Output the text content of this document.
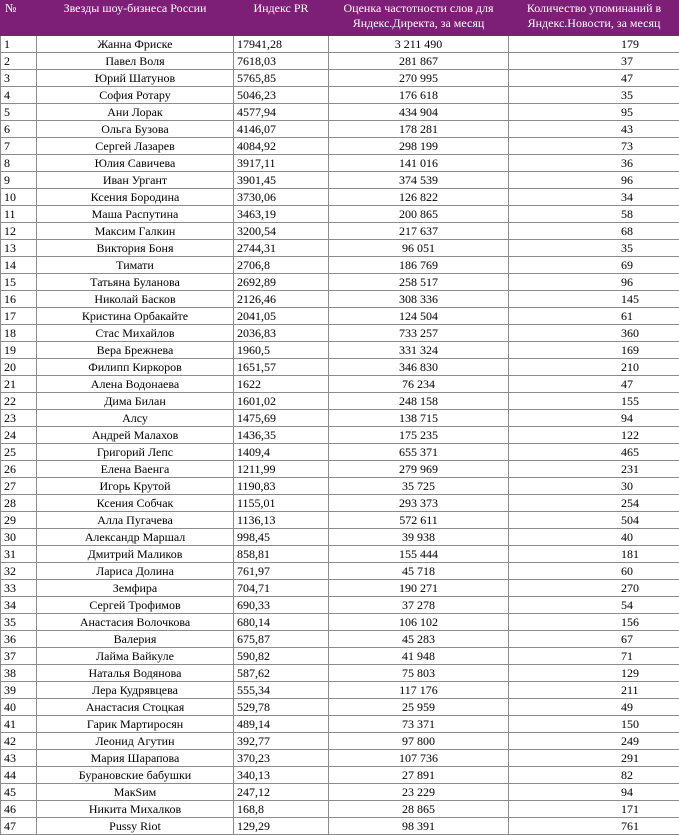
№	Звезды шоу-бизнеса России	Индекс PR	Оценка частотности слов для Яндекс.Директа, за месяц	Количество упоминаний в Яндекс.Новости, за месяц
1	Жанна Фриске	17941,28	3 211 490	179
2	Павел Воля	7618,03	281 867	37
3	Юрий Шатунов	5765,85	270 995	47
4	София Ротару	5046,23	176 618	35
5	Ани Лорак	4577,94	434 904	95
6	Ольга Бузова	4146,07	178 281	43
7	Сергей Лазарев	4084,92	298 199	73
8	Юлия Савичева	3917,11	141 016	36
9	Иван Ургант	3901,45	374 539	96
10	Ксения Бородина	3730,06	126 822	34
11	Маша Распутина	3463,19	200 865	58
12	Максим Галкин	3200,54	217 637	68
13	Виктория Боня	2744,31	96 051	35
14	Тимати	2706,8	186 769	69
15	Татьяна Буланова	2692,89	258 517	96
16	Николай Басков	2126,46	308 336	145
17	Кристина Орбакайте	2041,05	124 504	61
18	Стас Михайлов	2036,83	733 257	360
19	Вера Брежнева	1960,5	331 324	169
20	Филипп Киркоров	1651,57	346 830	210
21	Алена Водонаева	1622	76 234	47
22	Дима Билан	1601,02	248 158	155
23	Алсу	1475,69	138 715	94
24	Андрей Малахов	1436,35	175 235	122
25	Григорий Лепс	1409,4	655 371	465
26	Елена Ваенга	1211,99	279 969	231
27	Игорь Крутой	1190,83	35 725	30
28	Ксения Собчак	1155,01	293 373	254
29	Алла Пугачева	1136,13	572 611	504
30	Александр Маршал	998,45	39 938	40
31	Дмитрий Маликов	858,81	155 444	181
32	Лариса Долина	761,97	45 718	60
33	Земфира	704,71	190 271	270
34	Сергей Трофимов	690,33	37 278	54
35	Анастасия Волочкова	680,14	106 102	156
36	Валерия	675,87	45 283	67
37	Лайма Вайкуле	590,82	41 948	71
38	Наталья Водянова	587,62	75 803	129
39	Лера Кудрявцева	555,34	117 176	211
40	Анастасия Стоцкая	529,78	25 959	49
41	Гарик Мартиросян	489,14	73 371	150
42	Леонид Агутин	392,77	97 800	249
43	Мария Шарапова	370,23	107 736	291
44	Бурановские бабушки	340,13	27 891	82
45	МакSим	247,12	23 229	94
46	Никита Михалков	168,8	28 865	171
47	Pussy Riot	129,29	98 391	761
